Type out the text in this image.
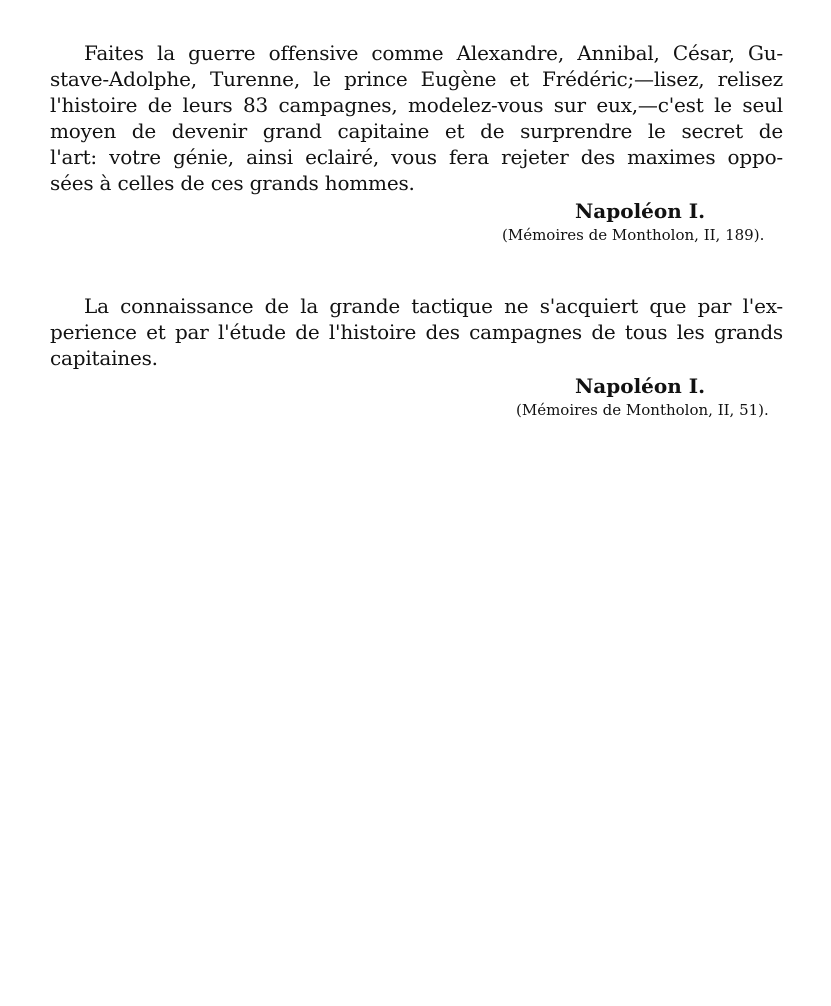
Faites la guerre offensive comme Alexandre, Annibal, César, Gu-
stave-Adolphe, Turenne, le prince Eugène et Frédéric;—lisez, relisez
l'histoire de leurs 83 campagnes, modelez-vous sur eux,—c'est le seul
moyen de devenir grand capitaine et de surprendre le secret de
l'art: votre génie, ainsi eclairé, vous fera rejeter des maximes oppo-
sées à celles de ces grands hommes.

Napoléon I.

(Mémoires de Montholon, II, 189).

La connaissance de la grande tactique ne s'acquiert que par l'ex-
perience et par l'étude de l'histoire des campagnes de tous les grands
capitaines.

Napoléon I.

(Mémoires de Montholon, II, 51).
